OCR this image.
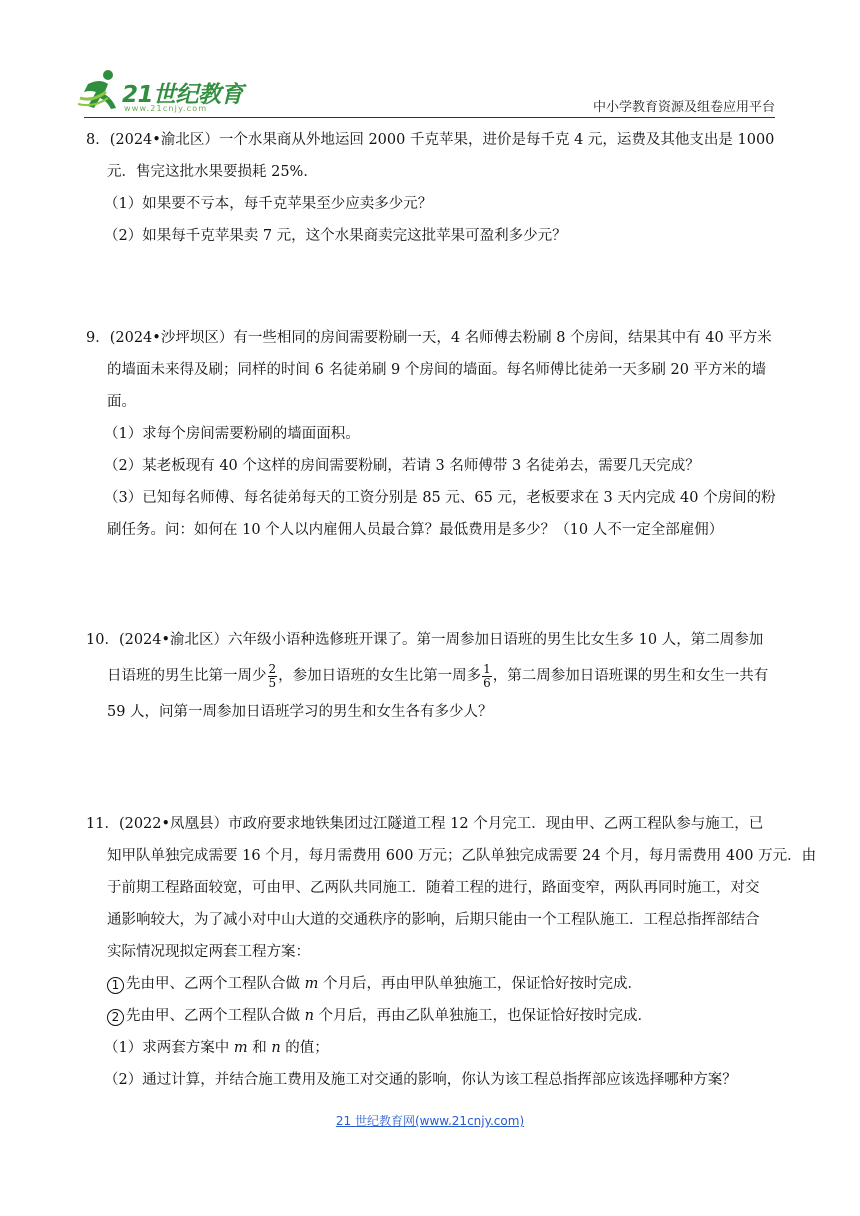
21世纪教育
www.21cnjy.com	中小学教育资源及组卷应用平台
8．(2024•渝北区）一个水果商从外地运回 2000 千克苹果，进价是每千克 4 元，运费及其他支出是 1000
元．售完这批水果要损耗 25%．
（1）如果要不亏本，每千克苹果至少应卖多少元？
（2）如果每千克苹果卖 7 元，这个水果商卖完这批苹果可盈利多少元？
9．(2024•沙坪坝区）有一些相同的房间需要粉刷一天，4 名师傅去粉刷 8 个房间，结果其中有 40 平方米
的墙面未来得及刷；同样的时间 6 名徒弟刷 9 个房间的墙面。每名师傅比徒弟一天多刷 20 平方米的墙
面。
（1）求每个房间需要粉刷的墙面面积。
（2）某老板现有 40 个这样的房间需要粉刷，若请 3 名师傅带 3 名徒弟去，需要几天完成？
（3）已知每名师傅、每名徒弟每天的工资分别是 85 元、65 元，老板要求在 3 天内完成 40 个房间的粉
刷任务。问：如何在 10 个人以内雇佣人员最合算？最低费用是多少？（10 人不一定全部雇佣）
10．(2024•渝北区）六年级小语种选修班开课了。第一周参加日语班的男生比女生多 10 人，第二周参加
日语班的男生比第一周少 $\frac{2}{5}$ ，参加日语班的女生比第一周多 $\frac{1}{6}$ ，第二周参加日语班课的男生和女生一共有
59 人，问第一周参加日语班学习的男生和女生各有多少人？
11．(2022•凤凰县）市政府要求地铁集团过江隧道工程 12 个月完工．现由甲、乙两工程队参与施工，已
知甲队单独完成需要 16 个月，每月需费用 600 万元；乙队单独完成需要 24 个月，每月需费用 400 万元．由
于前期工程路面较宽，可由甲、乙两队共同施工．随着工程的进行，路面变窄，两队再同时施工，对交
通影响较大，为了减小对中山大道的交通秩序的影响，后期只能由一个工程队施工．工程总指挥部结合
实际情况现拟定两套工程方案：
1 先由甲、乙两个工程队合做 m 个月后，再由甲队单独施工，保证恰好按时完成．
2 先由甲、乙两个工程队合做 n 个月后，再由乙队单独施工，也保证恰好按时完成．
（1）求两套方案中 m 和 n 的值；
（2）通过计算，并结合施工费用及施工对交通的影响，你认为该工程总指挥部应该选择哪种方案？
21 世纪教育网(www.21cnjy.com)
